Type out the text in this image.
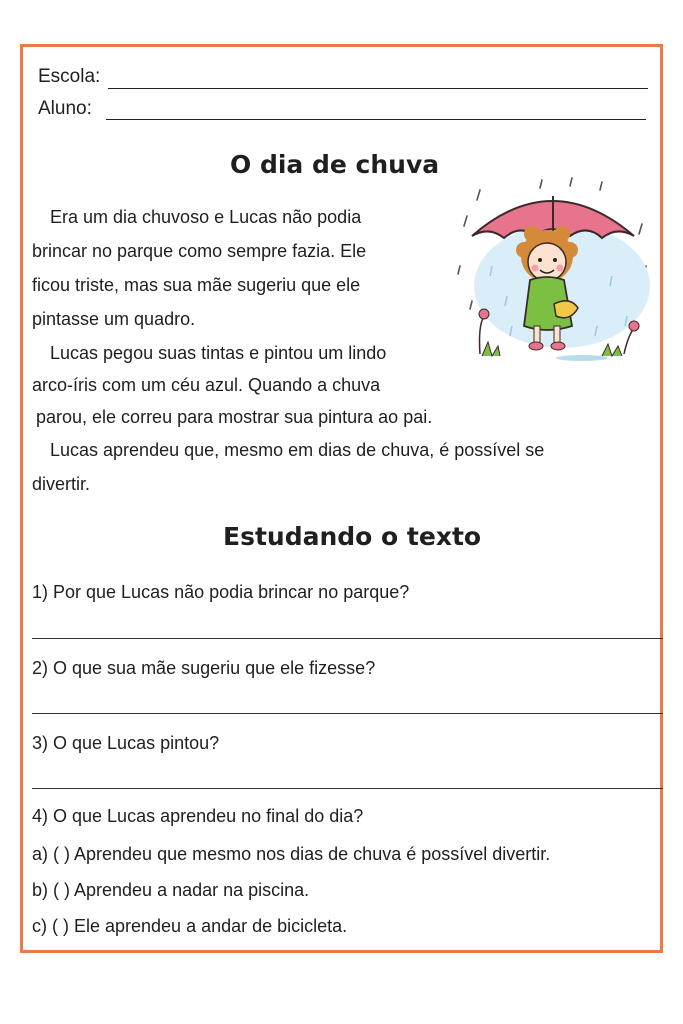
Escola:
Aluno:
O dia de chuva
Era um dia chuvoso e Lucas não podia
brincar no parque como sempre fazia. Ele
ficou triste, mas sua mãe sugeriu que ele
pintasse um quadro.
Lucas pegou suas tintas e pintou um lindo
arco-íris com um céu azul. Quando a chuva
parou, ele correu para mostrar sua pintura ao pai.
Lucas aprendeu que, mesmo em dias de chuva, é possível se
divertir.
Estudando o texto
1) Por que Lucas não podia brincar no parque?
2) O que sua mãe sugeriu que ele fizesse?
3) O que Lucas pintou?
4) O que Lucas aprendeu no final do dia?
a) ( ) Aprendeu que mesmo nos dias de chuva é possível divertir.
b) ( ) Aprendeu a nadar na piscina.
c) ( ) Ele aprendeu a andar de bicicleta.
